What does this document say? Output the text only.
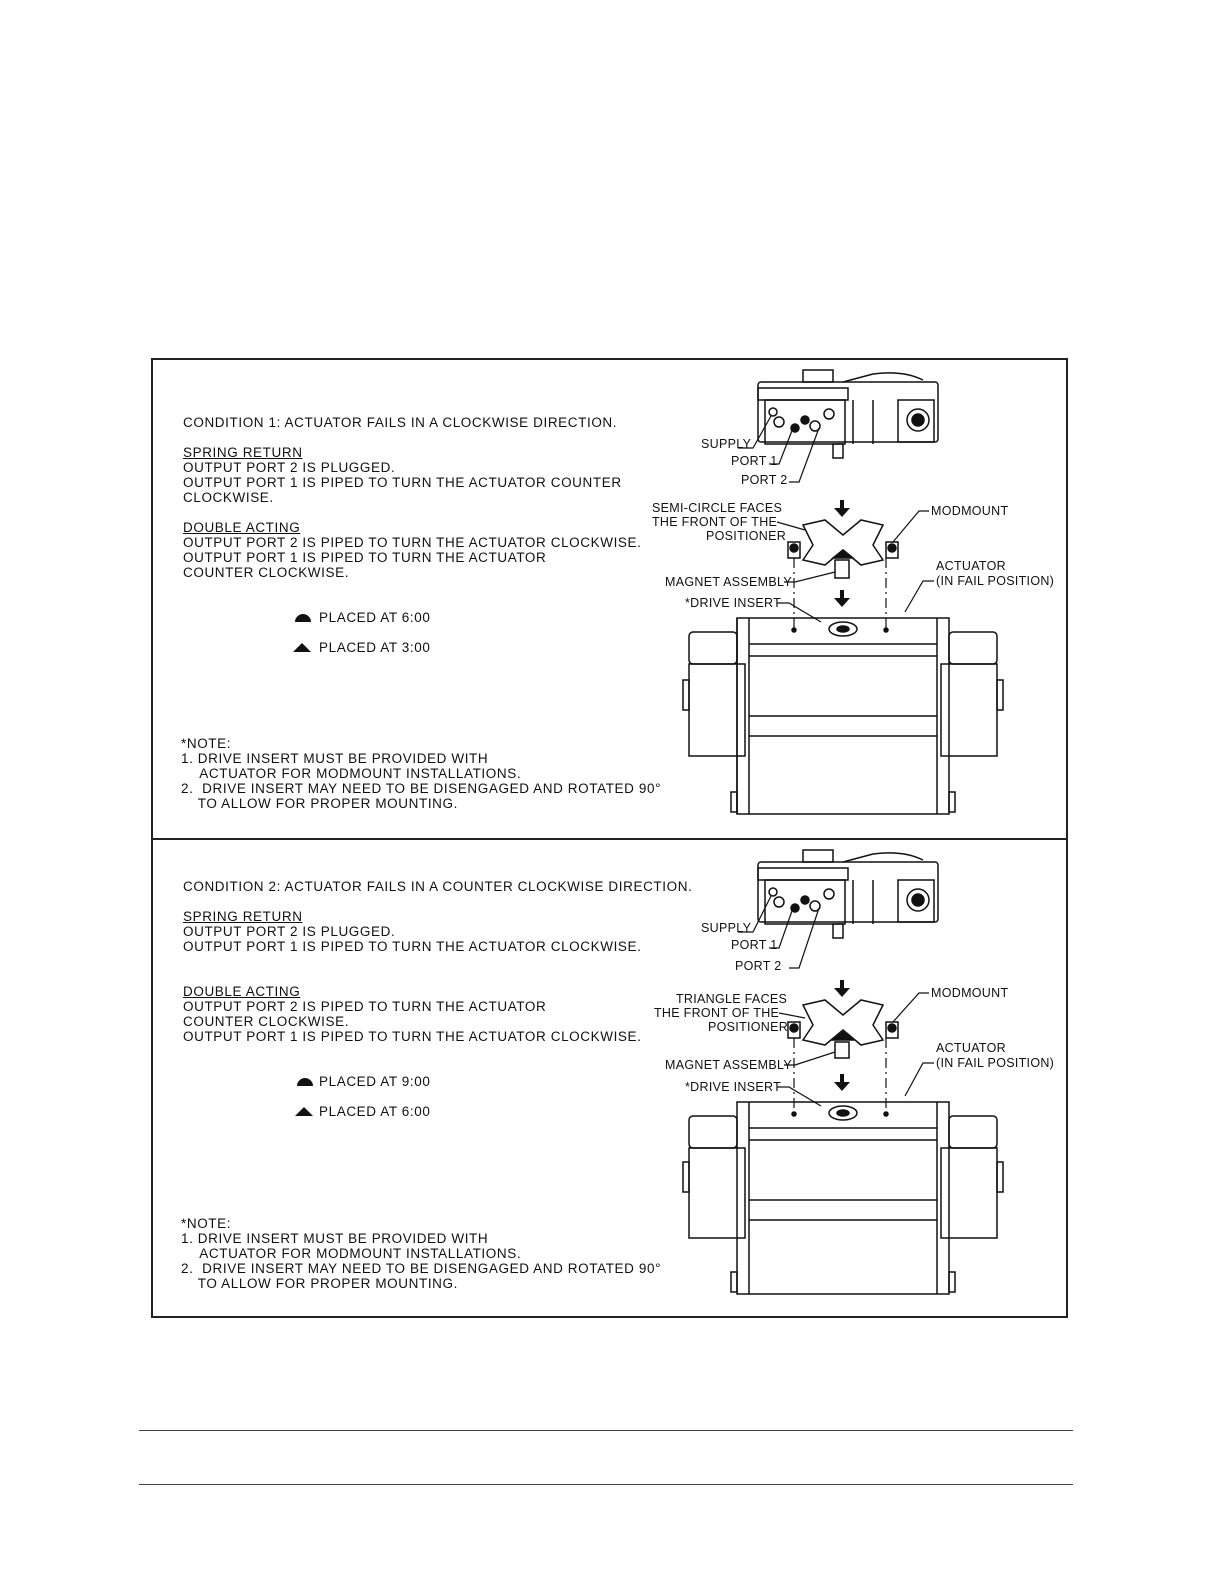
CONDITION 1: ACTUATOR FAILS IN A CLOCKWISE DIRECTION.
SPRING RETURN
OUTPUT PORT 2 IS PLUGGED.
OUTPUT PORT 1 IS PIPED TO TURN THE ACTUATOR COUNTER
CLOCKWISE.
DOUBLE ACTING
OUTPUT PORT 2 IS PIPED TO TURN THE ACTUATOR CLOCKWISE.
OUTPUT PORT 1 IS PIPED TO TURN THE ACTUATOR
COUNTER CLOCKWISE.
PLACED AT 6:00
PLACED AT 3:00
*NOTE:
1. DRIVE INSERT MUST BE PROVIDED WITH
ACTUATOR FOR MODMOUNT INSTALLATIONS.
2.  DRIVE INSERT MAY NEED TO BE DISENGAGED AND ROTATED 90°
TO ALLOW FOR PROPER MOUNTING.
SUPPLY
PORT 1
PORT 2
SEMI-CIRCLE FACES
THE FRONT OF THE
POSITIONER
MODMOUNT
ACTUATOR
(IN FAIL POSITION)
MAGNET ASSEMBLY
*DRIVE INSERT
CONDITION 2: ACTUATOR FAILS IN A COUNTER CLOCKWISE DIRECTION.
SPRING RETURN
OUTPUT PORT 2 IS PLUGGED.
OUTPUT PORT 1 IS PIPED TO TURN THE ACTUATOR CLOCKWISE.
DOUBLE ACTING
OUTPUT PORT 2 IS PIPED TO TURN THE ACTUATOR
COUNTER CLOCKWISE.
OUTPUT PORT 1 IS PIPED TO TURN THE ACTUATOR CLOCKWISE.
PLACED AT 9:00
PLACED AT 6:00
*NOTE:
1. DRIVE INSERT MUST BE PROVIDED WITH
ACTUATOR FOR MODMOUNT INSTALLATIONS.
2.  DRIVE INSERT MAY NEED TO BE DISENGAGED AND ROTATED 90°
TO ALLOW FOR PROPER MOUNTING.
SUPPLY
PORT 1
PORT 2
TRIANGLE FACES
THE FRONT OF THE
POSITIONER
MODMOUNT
ACTUATOR
(IN FAIL POSITION)
MAGNET ASSEMBLY
*DRIVE INSERT
